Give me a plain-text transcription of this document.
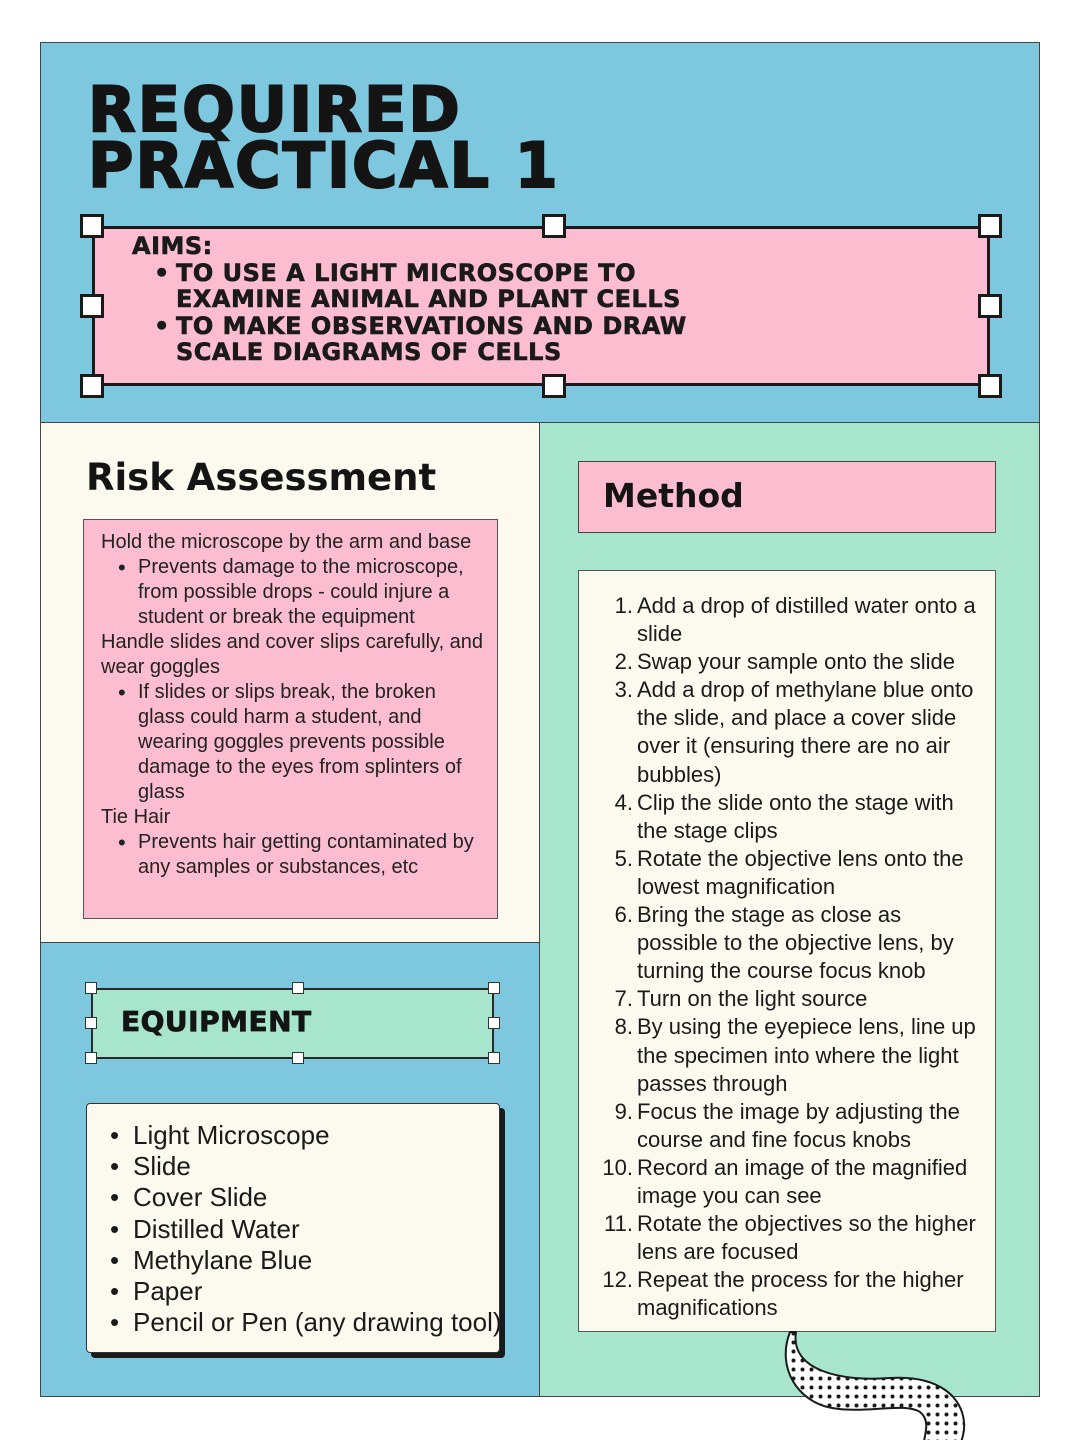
REQUIRED
PRACTICAL 1
AIMS:
• TO USE A LIGHT MICROSCOPE TO
EXAMINE ANIMAL AND PLANT CELLS
• TO MAKE OBSERVATIONS AND DRAW
SCALE DIAGRAMS OF CELLS
Risk Assessment

Hold the microscope by the arm and base

• Prevents damage to the microscope, from possible drops - could injure a student or break the equipment

Handle slides and cover slips carefully, and wear goggles

• If slides or slips break, the broken glass could harm a student, and wearing goggles prevents possible damage to the eyes from splinters of glass

Tie Hair

• Prevents hair getting contaminated by any samples or substances, etc
EQUIPMENT
• Light Microscope
• Slide
• Cover Slide
• Distilled Water
• Methylane Blue
• Paper
• Pencil or Pen (any drawing tool)
Method
1. Add a drop of distilled water onto a slide
2. Swap your sample onto the slide
3. Add a drop of methylane blue onto the slide, and place a cover slide over it (ensuring there are no air bubbles)
4. Clip the slide onto the stage with the stage clips
5. Rotate the objective lens onto the lowest magnification
6. Bring the stage as close as possible to the objective lens, by turning the course focus knob
7. Turn on the light source
8. By using the eyepiece lens, line up the specimen into where the light passes through
9. Focus the image by adjusting the course and fine focus knobs
10. Record an image of the magnified image you can see
11. Rotate the objectives so the higher lens are focused
12. Repeat the process for the higher magnifications
